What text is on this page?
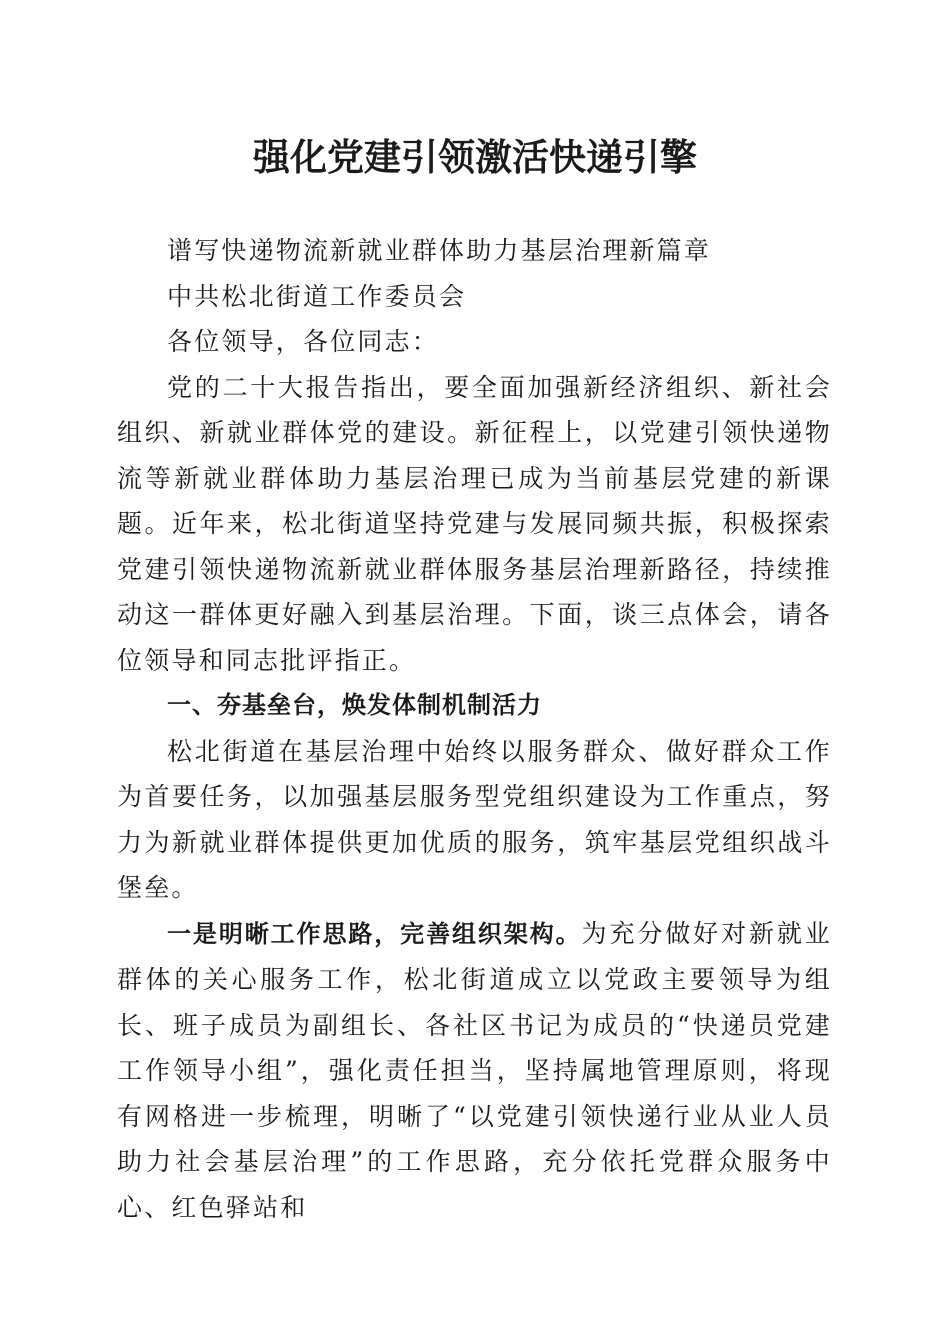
强化党建引领激活快递引擎

谱写快递物流新就业群体助力基层治理新篇章

中共松北街道工作委员会

各位领导，各位同志：

党的二十大报告指出，要全面加强新经济组织、新社会组织、新就业群体党的建设。新征程上，以党建引领快递物流等新就业群体助力基层治理已成为当前基层党建的新课题。近年来，松北街道坚持党建与发展同频共振，积极探索党建引领快递物流新就业群体服务基层治理新路径，持续推动这一群体更好融入到基层治理。下面，谈三点体会，请各位领导和同志批评指正。

一、夯基垒台，焕发体制机制活力

松北街道在基层治理中始终以服务群众、做好群众工作为首要任务，以加强基层服务型党组织建设为工作重点，努力为新就业群体提供更加优质的服务，筑牢基层党组织战斗堡垒。

一是明晰工作思路，完善组织架构。为充分做好对新就业群体的关心服务工作，松北街道成立以党政主要领导为组长、班子成员为副组长、各社区书记为成员的“快递员党建工作领导小组”，强化责任担当，坚持属地管理原则，将现有网格进一步梳理，明晰了“以党建引领快递行业从业人员助力社会基层治理”的工作思路，充分依托党群众服务中心、红色驿站和
